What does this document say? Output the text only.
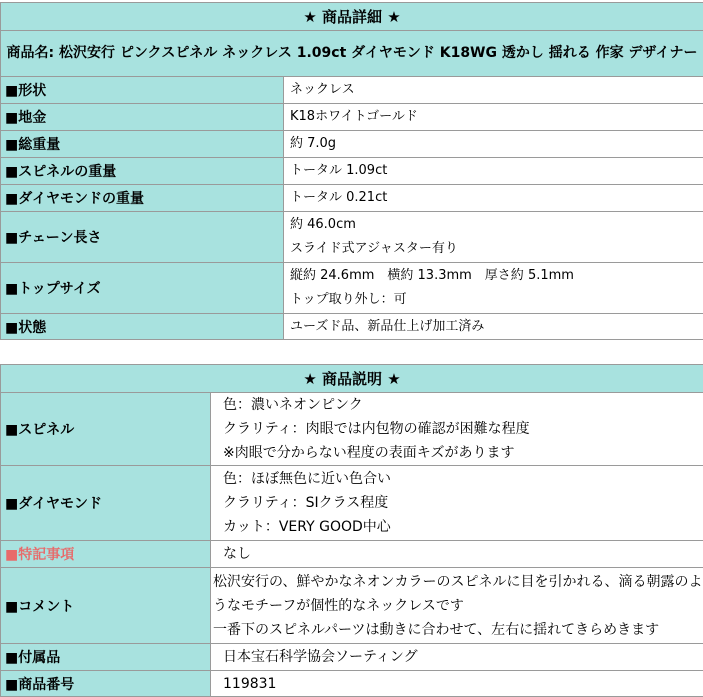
★ 商品詳細 ★	
商品名: 松沢安行 ピンクスピネル ネックレス 1.09ct ダイヤモンド K18WG 透かし 揺れる 作家 デザイナー	
■形状	ネックレス

■地金	K18ホワイトゴールド

■総重量	約 7.0g

■スピネルの重量	トータル 1.09ct

■ダイヤモンドの重量	トータル 0.21ct

■チェーン長さ	約 46.0cm
スライド式アジャスター有り

■トップサイズ	縦約 24.6mm　横約 13.3mm　厚さ約 5.1mm
トップ取り外し：可

■状態	ユーズド品、新品仕上げ加工済み
★ 商品説明 ★	
■スピネル	色：濃いネオンピンク
クラリティ：肉眼では内包物の確認が困難な程度
※肉眼で分からない程度の表面キズがあります

■ダイヤモンド	色：ほぼ無色に近い色合い
クラリティ：SIクラス程度
カット：VERY GOOD中心

■特記事項	なし

■コメント	松沢安行の、鮮やかなネオンカラーのスピネルに目を引かれる、滴る朝露のようなモチーフが個性的なネックレスです
一番下のスピネルパーツは動きに合わせて、左右に揺れてきらめきます

■付属品	日本宝石科学協会ソーティング

■商品番号	119831
